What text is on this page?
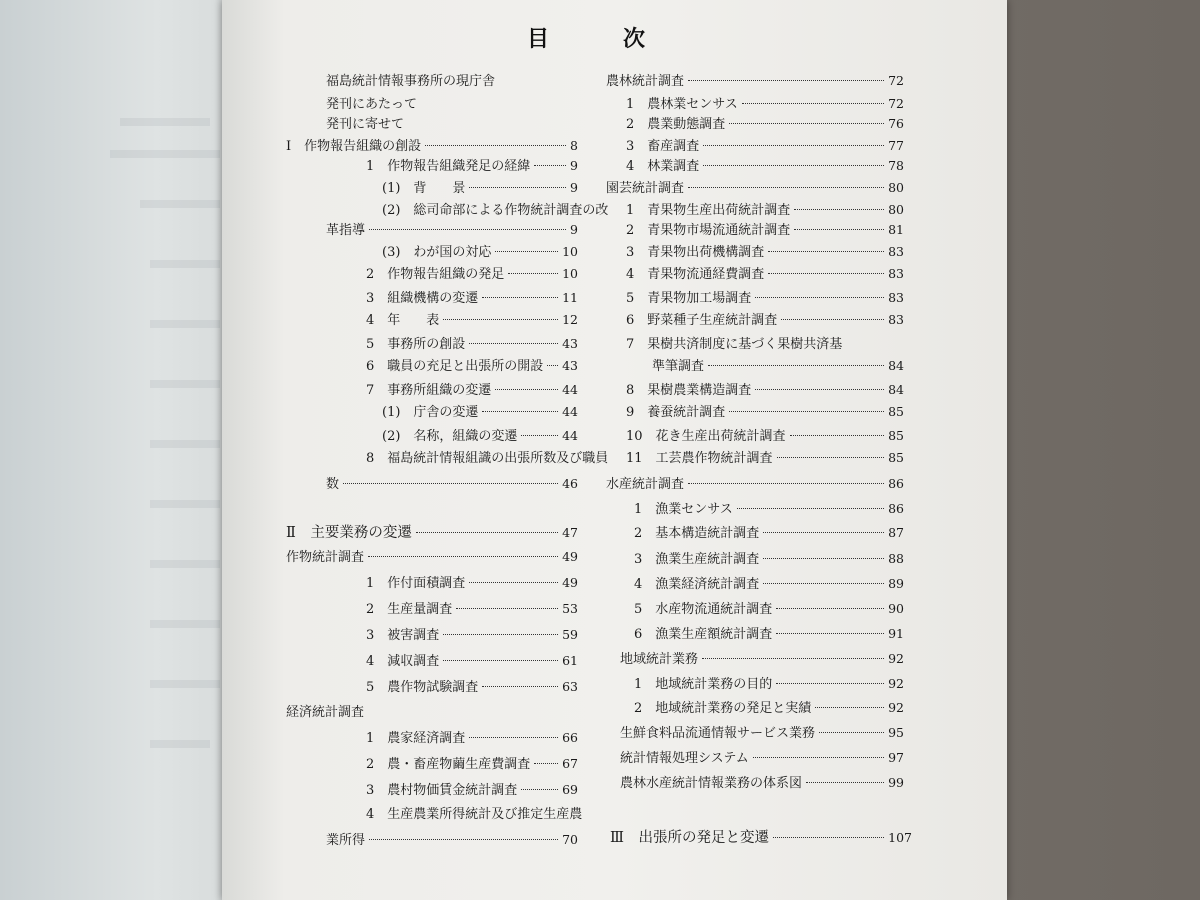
目　　　次
福島統計情報事務所の現庁舎
発刊にあたって
発刊に寄せて
Ⅰ　作物報告組織の創設	8
1　作物報告組織発足の経緯	9
(1)　背　　景	9
(2)　総司命部による作物統計調査の改
革指導	9
(3)　わが国の対応	10
2　作物報告組織の発足	10
3　組織機構の変遷	11
4　年　　表	12
5　事務所の創設	43
6　職員の充足と出張所の開設 43
7　事務所組織の変遷	44
(1)　庁舎の変遷	44
(2)　名称，組織の変遷	44
8　福島統計情報組識の出張所数及び職員
数	46
Ⅱ　主要業務の変遷	47
作物統計調査	49
1　作付面積調査	49
2　生産量調査	53
3　被害調査	59
4　減収調査	61
5　農作物試験調査	63
経済統計調査
1　農家経済調査	66
2　農・畜産物繭生産費調査	67
3　農村物価賃金統計調査	69
4　生産農業所得統計及び推定生産農
業所得	70
農林統計調査	72
1　農林業センサス	72
2　農業動態調査	76
3　畜産調査	77
4　林業調査	78
園芸統計調査	80
1　青果物生産出荷統計調査	80
2　青果物市場流通統計調査	81
3　青果物出荷機構調査	83
4　青果物流通経費調査	83
5　青果物加工場調査	83
6　野菜種子生産統計調査	83
7　果樹共済制度に基づく果樹共済基
準筆調査	84
8　果樹農業構造調査	84
9　養蚕統計調査	85
10　花き生産出荷統計調査	85
11　工芸農作物統計調査	85
水産統計調査	86
1　漁業センサス	86
2　基本構造統計調査	87
3　漁業生産統計調査	88
4　漁業経済統計調査	89
5　水産物流通統計調査	90
6　漁業生産額統計調査	91
地域統計業務	92
1　地域統計業務の目的	92
2　地域統計業務の発足と実績	92
生鮮食料品流通情報サービス業務	95
統計情報処理システム	97
農林水産統計情報業務の体系図	99
Ⅲ　出張所の発足と変遷	107
